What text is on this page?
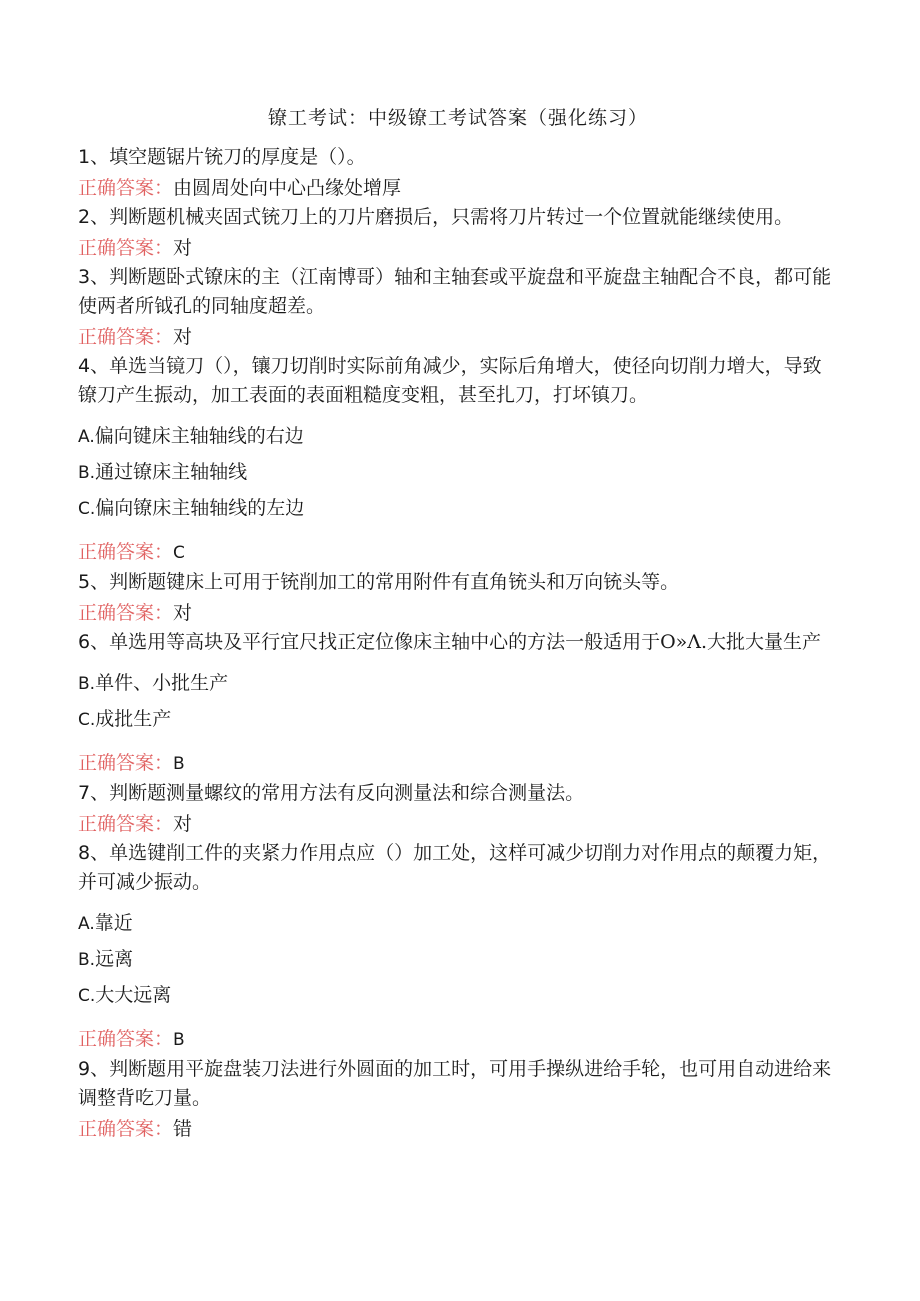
镣工考试：中级镣工考试答案（强化练习）

1、填空题锯片铳刀的厚度是（）。

正确答案：由圆周处向中心凸缘处增厚

2、判断题机械夹固式铳刀上的刀片磨损后，只需将刀片转过一个位置就能继续使用。

正确答案：对

3、判断题卧式镣床的主（江南博哥）轴和主轴套或平旋盘和平旋盘主轴配合不良，都可能使两者所钺孔的同轴度超差。

正确答案：对

4、单选当镜刀（），镶刀切削时实际前角减少，实际后角增大，使径向切削力增大，导致镣刀产生振动，加工表面的表面粗糙度变粗，甚至扎刀，打坏镇刀。

A.偏向键床主轴轴线的右边

B.通过镣床主轴轴线

C.偏向镣床主轴轴线的左边

正确答案：C

5、判断题键床上可用于铳削加工的常用附件有直角铳头和万向铳头等。

正确答案：对

6、单选用等高块及平行宜尺找正定位像床主轴中心的方法一般适用于O»Λ.大批大量生产

B.单件、小批生产

C.成批生产

正确答案：B

7、判断题测量螺纹的常用方法有反向测量法和综合测量法。

正确答案：对

8、单选键削工件的夹紧力作用点应（）加工处，这样可减少切削力对作用点的颠覆力矩，并可减少振动。

A.靠近

B.远离

C.大大远离

正确答案：B

9、判断题用平旋盘装刀法进行外圆面的加工时，可用手操纵进给手轮，也可用自动进给来调整背吃刀量。

正确答案：错
